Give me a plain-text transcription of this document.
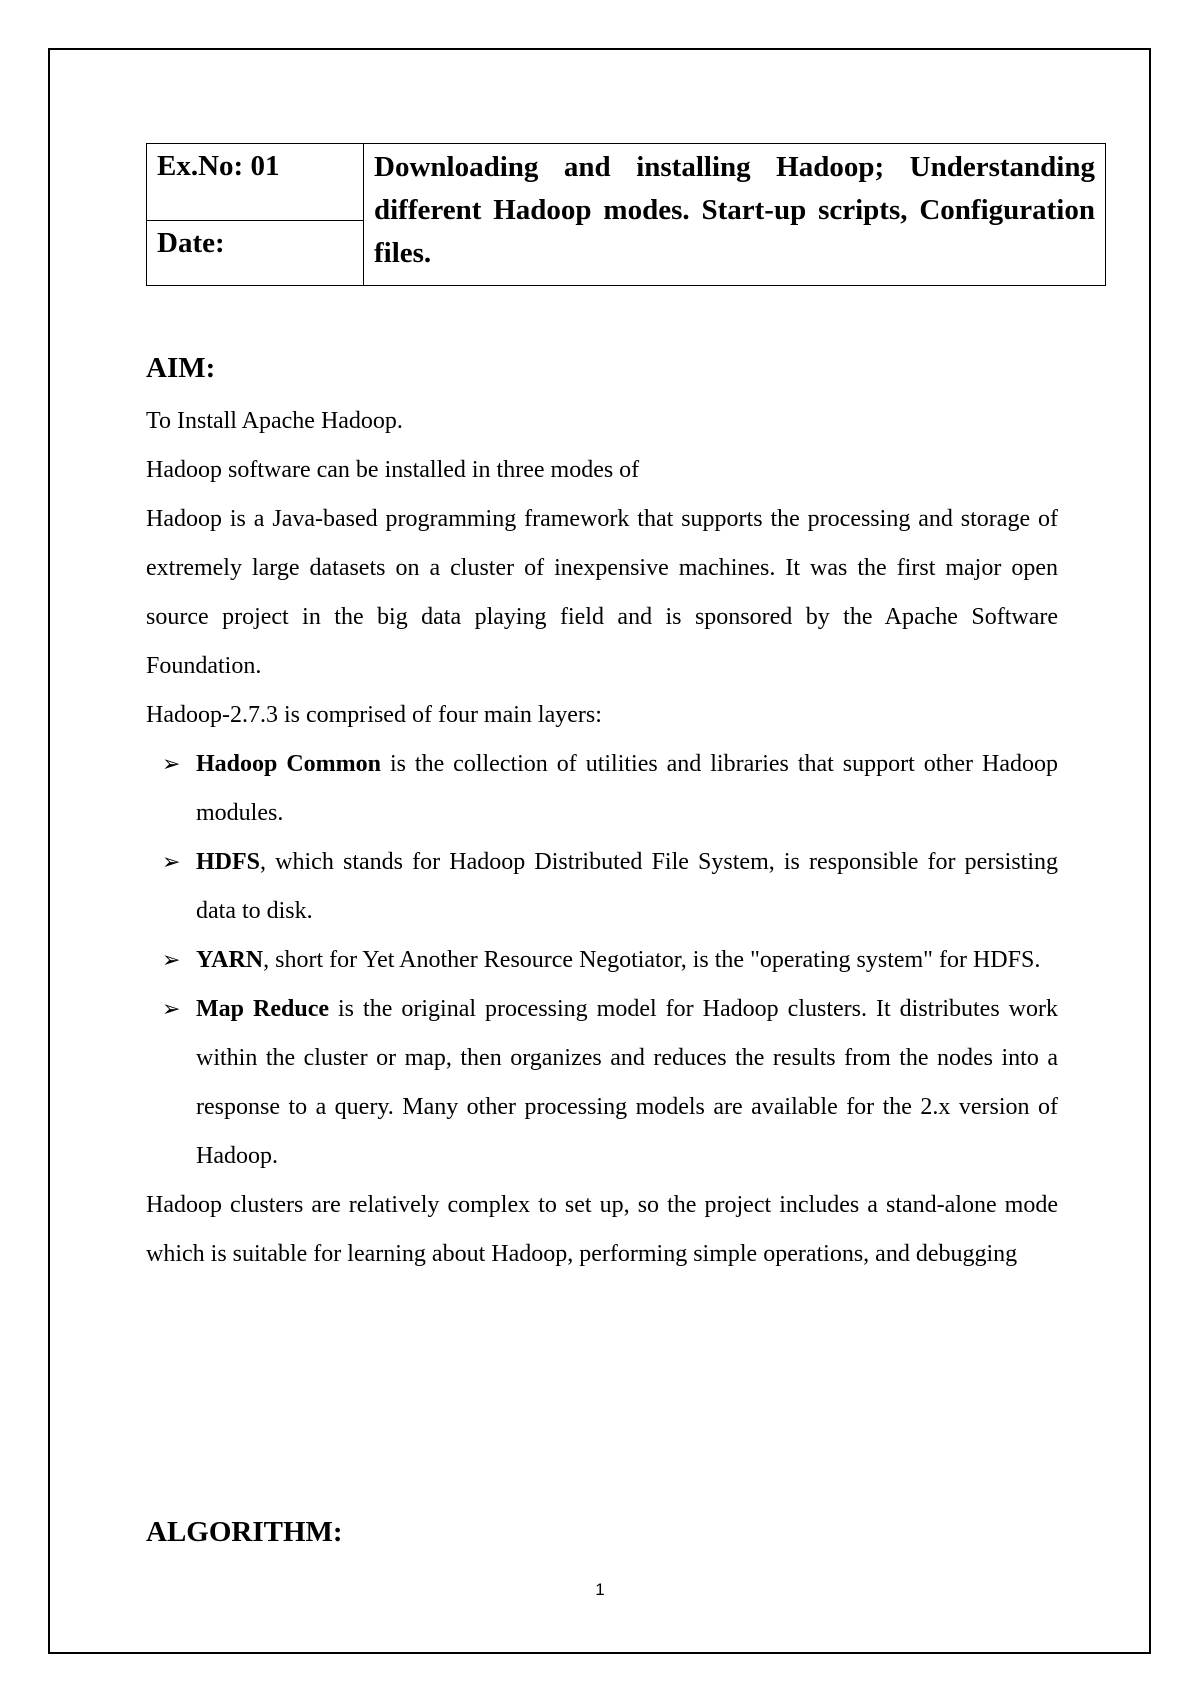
Ex.No: 01	Downloading and installing Hadoop; Understanding different Hadoop modes. Start-up scripts, Configuration files.
Date:
AIM:

To Install Apache Hadoop.

Hadoop software can be installed in three modes of

Hadoop is a Java-based programming framework that supports the processing and storage of extremely large datasets on a cluster of inexpensive machines. It was the first major open source project in the big data playing field and is sponsored by the Apache Software Foundation.

Hadoop-2.7.3 is comprised of four main layers:

➢ Hadoop Common is the collection of utilities and libraries that support other Hadoop modules.
➢ HDFS, which stands for Hadoop Distributed File System, is responsible for persisting data to disk.
➢ YARN, short for Yet Another Resource Negotiator, is the "operating system" for HDFS.
➢ Map Reduce is the original processing model for Hadoop clusters. It distributes work within the cluster or map, then organizes and reduces the results from the nodes into a response to a query. Many other processing models are available for the 2.x version of Hadoop.

Hadoop clusters are relatively complex to set up, so the project includes a stand-alone mode which is suitable for learning about Hadoop, performing simple operations, and debugging

ALGORITHM:
1
